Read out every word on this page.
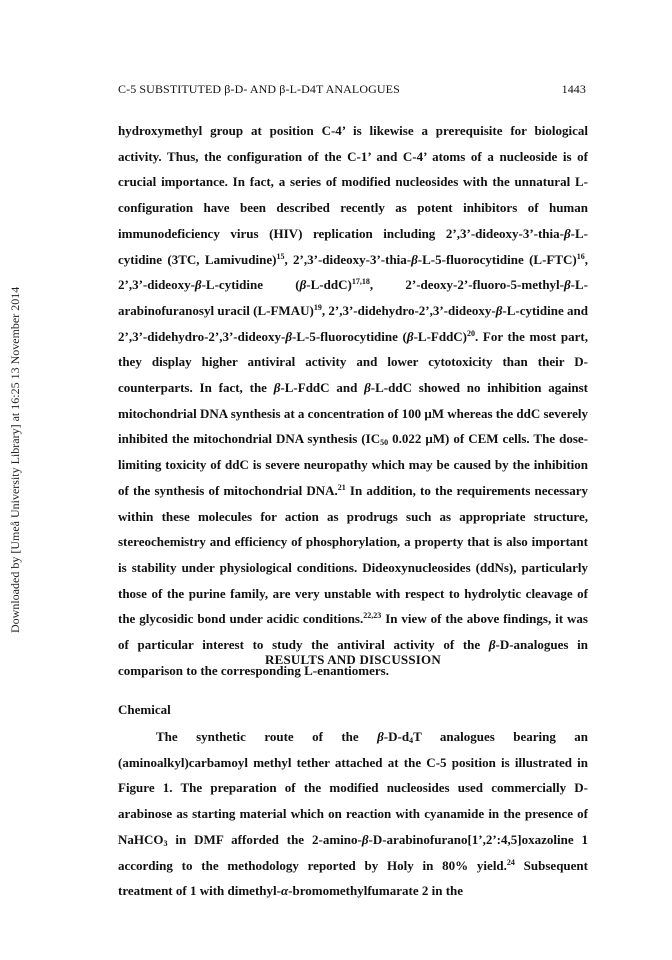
Downloaded by [Umeå University Library] at 16:25 13 November 2014
C-5 SUBSTITUTED β-D- AND β-L-D4T ANALOGUES	1443

hydroxymethyl group at position C-4’ is likewise a prerequisite for biological activity. Thus, the configuration of the C-1’ and C-4’ atoms of a nucleoside is of crucial importance. In fact, a series of modified nucleosides with the unnatural L-configuration have been described recently as potent inhibitors of human immunodeficiency virus (HIV) replication including 2’,3’-dideoxy-3’-thia-β-L-cytidine (3TC, Lamivudine)$^{15}$, 2’,3’-dideoxy-3’-thia-β-L-5-fluorocytidine $(L-FTC)^{16}$, 2’,3’-dideoxy-β-L-cytidine $(\beta-L-ddC)^{17,18}$, 2’-deoxy-2’-fluoro-5-methyl-β-L-arabinofuranosyl uracil (L-FMAU)$^{19}$, 2’,3’-didehydro-2’,3’-dideoxy-β-L-cytidine and 2’,3’-didehydro-2’,3’-dideoxy-β-L-5-fluorocytidine (β-L-FddC)$^{20}$. For the most part, they display higher antiviral activity and lower cytotoxicity than their D-counterparts. In fact, the β-L-FddC and β-L-ddC showed no inhibition against mitochondrial DNA synthesis at a concentration of 100 μM whereas the ddC severely inhibited the mitochondrial DNA synthesis ($IC_{50}$ 0.022 μM) of CEM cells. The dose-limiting toxicity of ddC is severe neuropathy which may be caused by the inhibition of the synthesis of mitochondrial DNA.$^{21}$ In addition, to the requirements necessary within these molecules for action as prodrugs such as appropriate structure, stereochemistry and efficiency of phosphorylation, a property that is also important is stability under physiological conditions. Dideoxynucleosides (ddNs), particularly those of the purine family, are very unstable with respect to hydrolytic cleavage of the glycosidic bond under acidic conditions.$^{22,23}$ In view of the above findings, it was of particular interest to study the antiviral activity of the β-D-analogues in comparison to the corresponding L-enantiomers.

RESULTS AND DISCUSSION
Chemical

The synthetic route of the $\beta-D-d_4T$ analogues bearing an (aminoalkyl)carbamoyl methyl tether attached at the C-5 position is illustrated in Figure 1. The preparation of the modified nucleosides used commercially D-arabinose as starting material which on reaction with cyanamide in the presence of NaHCO$_3$ in DMF afforded the 2-amino-β-D-arabinofurano[1’,2’:4,5]oxazoline 1 according to the methodology reported by Holy in 80% yield.$^{24}$ Subsequent treatment of 1 with dimethyl-α-bromomethylfumarate 2 in the
